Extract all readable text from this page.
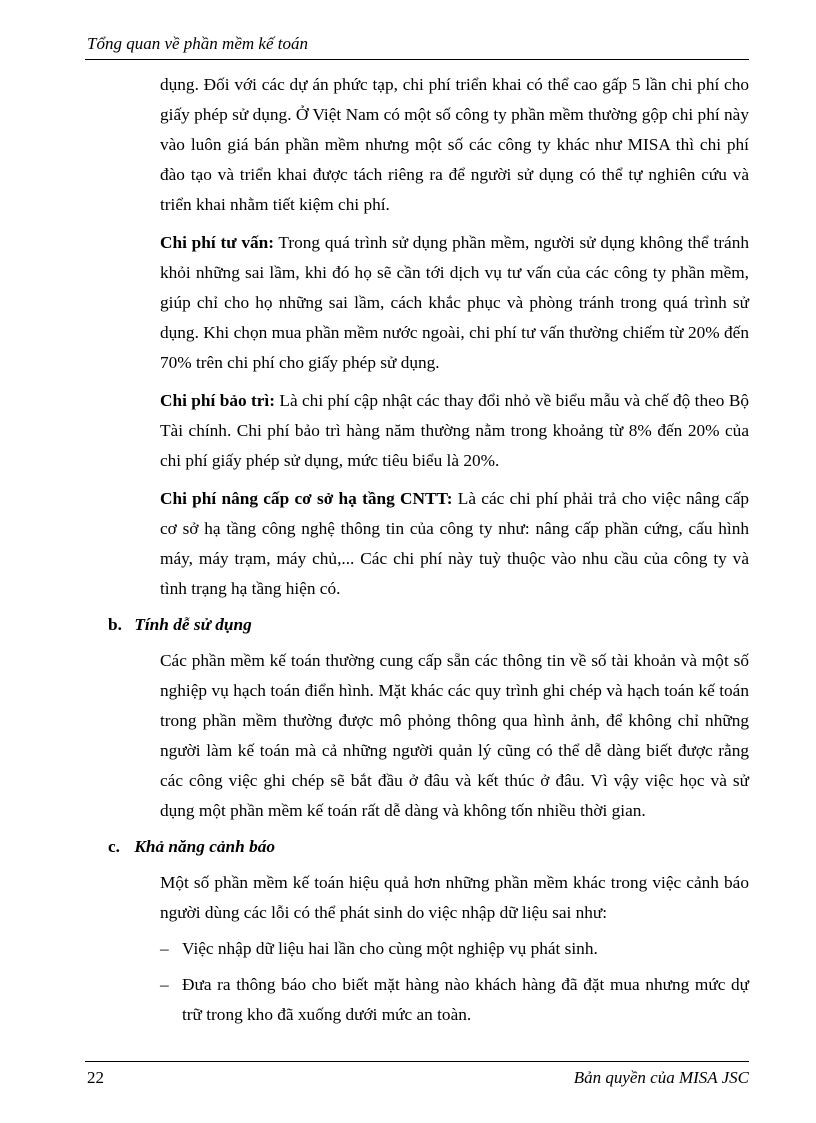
Tổng quan về phần mềm kế toán

dụng. Đối với các dự án phức tạp, chi phí triển khai có thể cao gấp 5 lần chi phí cho giấy phép sử dụng. Ở Việt Nam có một số công ty phần mềm thường gộp chi phí này vào luôn giá bán phần mềm nhưng một số các công ty khác như MISA thì chi phí đào tạo và triển khai được tách riêng ra để người sử dụng có thể tự nghiên cứu và triển khai nhằm tiết kiệm chi phí.

Chi phí tư vấn: Trong quá trình sử dụng phần mềm, người sử dụng không thể tránh khỏi những sai lầm, khi đó họ sẽ cần tới dịch vụ tư vấn của các công ty phần mềm, giúp chỉ cho họ những sai lầm, cách khắc phục và phòng tránh trong quá trình sử dụng. Khi chọn mua phần mềm nước ngoài, chi phí tư vấn thường chiếm từ 20% đến 70% trên chi phí cho giấy phép sử dụng.

Chi phí bảo trì: Là chi phí cập nhật các thay đổi nhỏ về biểu mẫu và chế độ theo Bộ Tài chính. Chi phí bảo trì hàng năm thường nằm trong khoảng từ 8% đến 20% của chi phí giấy phép sử dụng, mức tiêu biểu là 20%.

Chi phí nâng cấp cơ sở hạ tầng CNTT: Là các chi phí phải trả cho việc nâng cấp cơ sở hạ tầng công nghệ thông tin của công ty như: nâng cấp phần cứng, cấu hình máy, máy trạm, máy chủ,... Các chi phí này tuỳ thuộc vào nhu cầu của công ty và tình trạng hạ tầng hiện có.

b. Tính dễ sử dụng

Các phần mềm kế toán thường cung cấp sẵn các thông tin về số tài khoản và một số nghiệp vụ hạch toán điển hình. Mặt khác các quy trình ghi chép và hạch toán kế toán trong phần mềm thường được mô phỏng thông qua hình ảnh, để không chỉ những người làm kế toán mà cả những người quản lý cũng có thể dễ dàng biết được rằng các công việc ghi chép sẽ bắt đầu ở đâu và kết thúc ở đâu. Vì vậy việc học và sử dụng một phần mềm kế toán rất dễ dàng và không tốn nhiều thời gian.

c. Khả năng cảnh báo

Một số phần mềm kế toán hiệu quả hơn những phần mềm khác trong việc cảnh báo người dùng các lỗi có thể phát sinh do việc nhập dữ liệu sai như:

– Việc nhập dữ liệu hai lần cho cùng một nghiệp vụ phát sinh.
– Đưa ra thông báo cho biết mặt hàng nào khách hàng đã đặt mua nhưng mức dự trữ trong kho đã xuống dưới mức an toàn.
22	Bản quyền của MISA JSC
